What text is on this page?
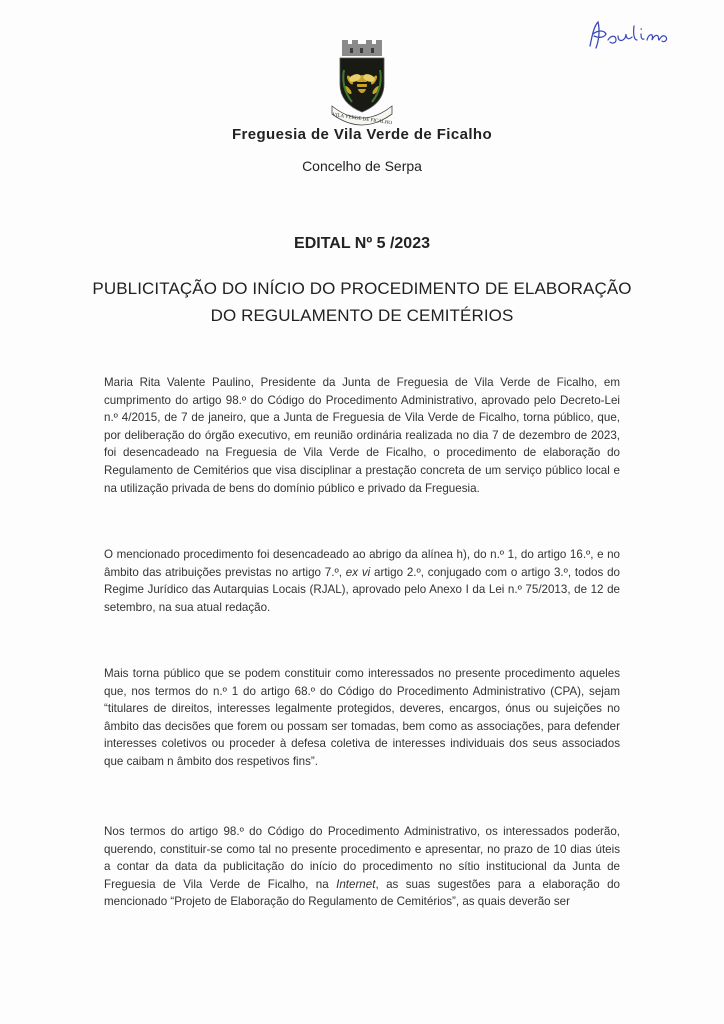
VILA VERDE DE FICALHO
Freguesia de Vila Verde de Ficalho
Concelho de Serpa
EDITAL Nº 5 /2023
PUBLICITAÇÃO DO INÍCIO DO PROCEDIMENTO DE ELABORAÇÃO
DO REGULAMENTO DE CEMITÉRIOS
Maria Rita Valente Paulino, Presidente da Junta de Freguesia de Vila Verde de Ficalho, em cumprimento do artigo 98.º do Código do Procedimento Administrativo, aprovado pelo Decreto-Lei n.º 4/2015, de 7 de janeiro, que a Junta de Freguesia de Vila Verde de Ficalho, torna público, que, por deliberação do órgão executivo, em reunião ordinária realizada no dia 7 de dezembro de 2023, foi desencadeado na Freguesia de Vila Verde de Ficalho, o procedimento de elaboração do Regulamento de Cemitérios que visa disciplinar a prestação concreta de um serviço público local e na utilização privada de bens do domínio público e privado da Freguesia.
O mencionado procedimento foi desencadeado ao abrigo da alínea h), do n.º 1, do artigo 16.º, e no âmbito das atribuições previstas no artigo 7.º, ex vi artigo 2.º, conjugado com o artigo 3.º, todos do Regime Jurídico das Autarquias Locais (RJAL), aprovado pelo Anexo I da Lei n.º 75/2013, de 12 de setembro, na sua atual redação.
Mais torna público que se podem constituir como interessados no presente procedimento aqueles que, nos termos do n.º 1 do artigo 68.º do Código do Procedimento Administrativo (CPA), sejam “titulares de direitos, interesses legalmente protegidos, deveres, encargos, ónus ou sujeições no âmbito das decisões que forem ou possam ser tomadas, bem como as associações, para defender interesses coletivos ou proceder à defesa coletiva de interesses individuais dos seus associados que caibam n âmbito dos respetivos fins”.
Nos termos do artigo 98.º do Código do Procedimento Administrativo, os interessados poderão, querendo, constituir-se como tal no presente procedimento e apresentar, no prazo de 10 dias úteis a contar da data da publicitação do início do procedimento no sítio institucional da Junta de Freguesia de Vila Verde de Ficalho, na Internet, as suas sugestões para a elaboração do mencionado “Projeto de Elaboração do Regulamento de Cemitérios”, as quais deverão ser
